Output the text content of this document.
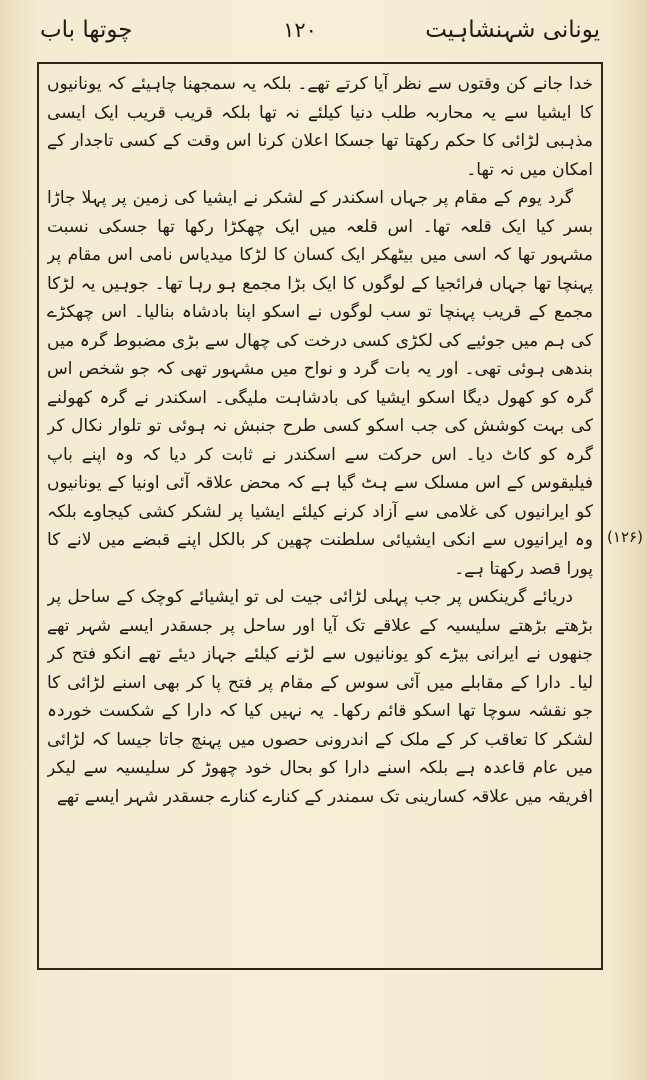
یونانی شہنشاہیت
۱۲۰
چوتھا باب

خدا جانے کن وقتوں سے نظر آیا کرتے تھے۔ بلکہ یہ سمجھنا چاہیئے کہ یونانیوں کا ایشیا سے یہ محاربہ طلب دنیا کیلئے نہ تھا بلکہ قریب قریب ایک ایسی مذہبی لڑائی کا حکم رکھتا تھا جسکا اعلان کرنا اس وقت کے کسی تاجدار کے امکان میں نہ تھا۔

گرد یوم کے مقام پر جہاں اسکندر کے لشکر نے ایشیا کی زمین پر پہلا جاڑا بسر کیا ایک قلعہ تھا۔ اس قلعہ میں ایک چھکڑا رکھا تھا جسکی نسبت مشہور تھا کہ اسی میں بیٹھکر ایک کسان کا لڑکا میدیاس نامی اس مقام پر پہنچا تھا جہاں فرائجیا کے لوگوں کا ایک بڑا مجمع ہو رہا تھا۔ جوہیں یہ لڑکا مجمع کے قریب پہنچا تو سب لوگوں نے اسکو اپنا بادشاہ بنالیا۔ اس چھکڑے کی ہم میں جوئیے کی لکڑی کسی درخت کی چھال سے بڑی مضبوط گرہ میں بندھی ہوئی تھی۔ اور یہ بات گرد و نواح میں مشہور تھی کہ جو شخص اس گرہ کو کھول دیگا اسکو ایشیا کی بادشاہت ملیگی۔ اسکندر نے گرہ کھولنے کی بہت کوشش کی جب اسکو کسی طرح جنبش نہ ہوئی تو تلوار نکال کر گرہ کو کاٹ دیا۔ اس حرکت سے اسکندر نے ثابت کر دیا کہ وہ اپنے باپ فیلیقوس کے اس مسلک سے ہٹ گیا ہے کہ محض علاقہ آئی اونیا کے یونانیوں کو ایرانیوں کی غلامی سے آزاد کرنے کیلئے ایشیا پر لشکر کشی کیجاوے بلکہ وہ ایرانیوں سے انکی ایشیائی سلطنت چھین کر بالکل اپنے قبضے میں لانے کا پورا قصد رکھتا ہے۔

دریائے گرینکس پر جب پہلی لڑائی جیت لی تو ایشیائے کوچک کے ساحل پر بڑھتے بڑھتے سلیسیہ کے علاقے تک آیا اور ساحل پر جسقدر ایسے شہر تھے جنھوں نے ایرانی بیڑے کو یونانیوں سے لڑنے کیلئے جہاز دیئے تھے انکو فتح کر لیا۔ دارا کے مقابلے میں آئی سوس کے مقام پر فتح پا کر بھی اسنے لڑائی کا جو نقشہ سوچا تھا اسکو قائم رکھا۔ یہ نہیں کیا کہ دارا کے شکست خوردہ لشکر کا تعاقب کر کے ملک کے اندرونی حصوں میں پہنچ جاتا جیسا کہ لڑائی میں عام قاعدہ ہے بلکہ اسنے دارا کو بحال خود چھوڑ کر سلیسیہ سے لیکر افریقہ میں علاقہ کسارینی تک سمندر کے کنارے کنارے جسقدر شہر ایسے تھے

(۱۲۶)
